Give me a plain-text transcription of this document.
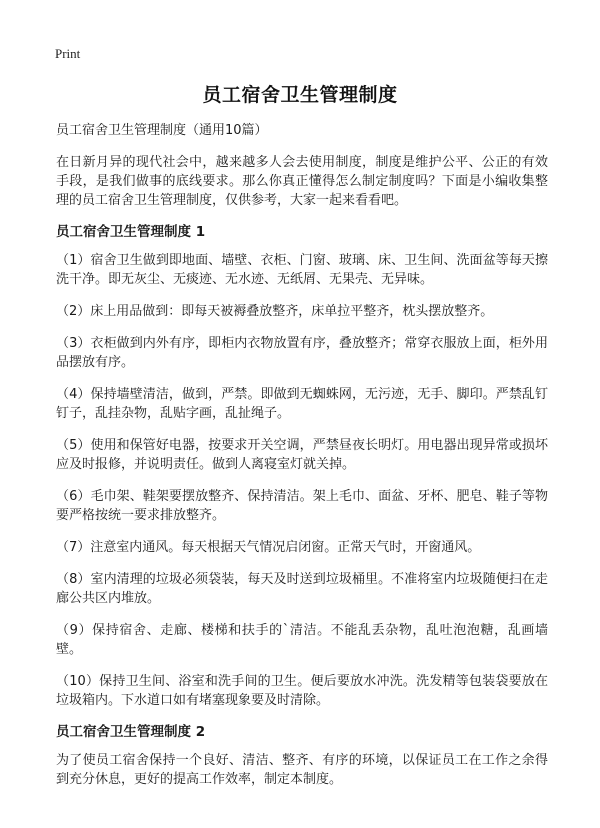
Print
员工宿舍卫生管理制度

员工宿舍卫生管理制度（通用10篇）

在日新月异的现代社会中，越来越多人会去使用制度，制度是维护公平、公正的有效手段，是我们做事的底线要求。那么你真正懂得怎么制定制度吗？下面是小编收集整理的员工宿舍卫生管理制度，仅供参考，大家一起来看看吧。

员工宿舍卫生管理制度 1

（1）宿舍卫生做到即地面、墙壁、衣柜、门窗、玻璃、床、卫生间、洗面盆等每天擦洗干净。即无灰尘、无痰迹、无水迹、无纸屑、无果壳、无异味。

（2）床上用品做到：即每天被褥叠放整齐，床单拉平整齐，枕头摆放整齐。

（3）衣柜做到内外有序，即柜内衣物放置有序，叠放整齐；常穿衣服放上面，柜外用品摆放有序。

（4）保持墙壁清洁，做到，严禁。即做到无蜘蛛网，无污迹，无手、脚印。严禁乱钉钉子，乱挂杂物，乱贴字画，乱扯绳子。

（5）使用和保管好电器，按要求开关空调，严禁昼夜长明灯。用电器出现异常或损坏应及时报修，并说明责任。做到人离寝室灯就关掉。

（6）毛巾架、鞋架要摆放整齐、保持清洁。架上毛巾、面盆、牙杯、肥皂、鞋子等物要严格按统一要求排放整齐。

（7）注意室内通风。每天根据天气情况启闭窗。正常天气时，开窗通风。

（8）室内清理的垃圾必须袋装，每天及时送到垃圾桶里。不准将室内垃圾随便扫在走廊公共区内堆放。

（9）保持宿舍、走廊、楼梯和扶手的`清洁。不能乱丢杂物，乱吐泡泡糖，乱画墙壁。

（10）保持卫生间、浴室和洗手间的卫生。便后要放水冲洗。洗发精等包装袋要放在垃圾箱内。下水道口如有堵塞现象要及时清除。

员工宿舍卫生管理制度 2

为了使员工宿舍保持一个良好、清洁、整齐、有序的环境，以保证员工在工作之余得到充分休息，更好的提高工作效率，制定本制度。
